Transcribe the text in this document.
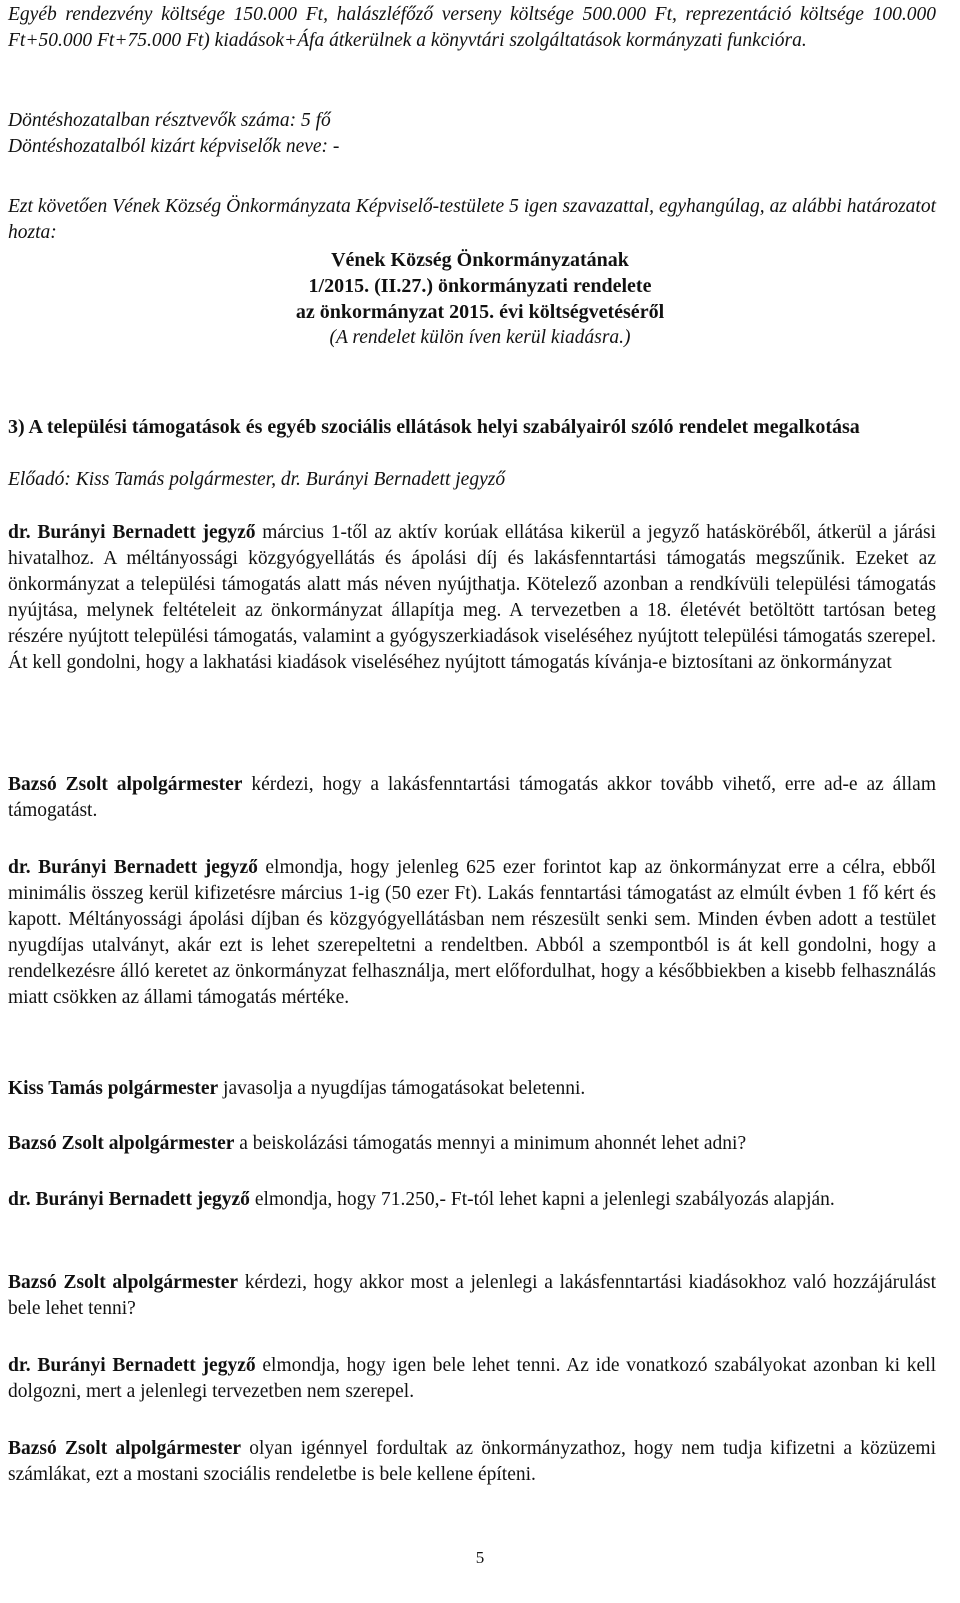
Egyéb rendezvény költsége 150.000 Ft, halászléfőző verseny költsége 500.000 Ft, reprezentáció költsége 100.000 Ft+50.000 Ft+75.000 Ft) kiadások+Áfa átkerülnek a könyvtári szolgáltatások kormányzati funkcióra.
Döntéshozatalban résztvevők száma: 5 fő
Döntéshozatalból kizárt képviselők neve: -
Ezt követően Vének Község Önkormányzata Képviselő-testülete 5 igen szavazattal, egyhangúlag, az alábbi határozatot hozta:
Vének Község Önkormányzatának
1/2015. (II.27.) önkormányzati rendelete
az önkormányzat 2015. évi költségvetéséről
(A rendelet külön íven kerül kiadásra.)
3) A települési támogatások és egyéb szociális ellátások helyi szabályairól szóló rendelet megalkotása
Előadó: Kiss Tamás polgármester, dr. Burányi Bernadett jegyző
dr. Burányi Bernadett jegyző március 1-től az aktív korúak ellátása kikerül a jegyző hatásköréből, átkerül a járási hivatalhoz. A méltányossági közgyógyellátás és ápolási díj és lakásfenntartási támogatás megszűnik. Ezeket az önkormányzat a települési támogatás alatt más néven nyújthatja. Kötelező azonban a rendkívüli települési támogatás nyújtása, melynek feltételeit az önkormányzat állapítja meg. A tervezetben a 18. életévét betöltött tartósan beteg részére nyújtott települési támogatás, valamint a gyógyszerkiadások viseléséhez nyújtott települési támogatás szerepel. Át kell gondolni, hogy a lakhatási kiadások viseléséhez nyújtott támogatás kívánja-e biztosítani az önkormányzat
Bazsó Zsolt alpolgármester kérdezi, hogy a lakásfenntartási támogatás akkor tovább vihető, erre ad-e az állam támogatást.
dr. Burányi Bernadett jegyző elmondja, hogy jelenleg 625 ezer forintot kap az önkormányzat erre a célra, ebből minimális összeg kerül kifizetésre március 1-ig (50 ezer Ft). Lakás fenntartási támogatást az elmúlt évben 1 fő kért és kapott. Méltányossági ápolási díjban és közgyógyellátásban nem részesült senki sem. Minden évben adott a testület nyugdíjas utalványt, akár ezt is lehet szerepeltetni a rendeltben. Abból a szempontból is át kell gondolni, hogy a rendelkezésre álló keretet az önkormányzat felhasználja, mert előfordulhat, hogy a későbbiekben a kisebb felhasználás miatt csökken az állami támogatás mértéke.
Kiss Tamás polgármester javasolja a nyugdíjas támogatásokat beletenni.
Bazsó Zsolt alpolgármester a beiskolázási támogatás mennyi a minimum ahonnét lehet adni?
dr. Burányi Bernadett jegyző elmondja, hogy 71.250,- Ft-tól lehet kapni a jelenlegi szabályozás alapján.
Bazsó Zsolt alpolgármester kérdezi, hogy akkor most a jelenlegi a lakásfenntartási kiadásokhoz való hozzájárulást bele lehet tenni?
dr. Burányi Bernadett jegyző elmondja, hogy igen bele lehet tenni. Az ide vonatkozó szabályokat azonban ki kell dolgozni, mert a jelenlegi tervezetben nem szerepel.
Bazsó Zsolt alpolgármester olyan igénnyel fordultak az önkormányzathoz, hogy nem tudja kifizetni a közüzemi számlákat, ezt a mostani szociális rendeletbe is bele kellene építeni.
5
